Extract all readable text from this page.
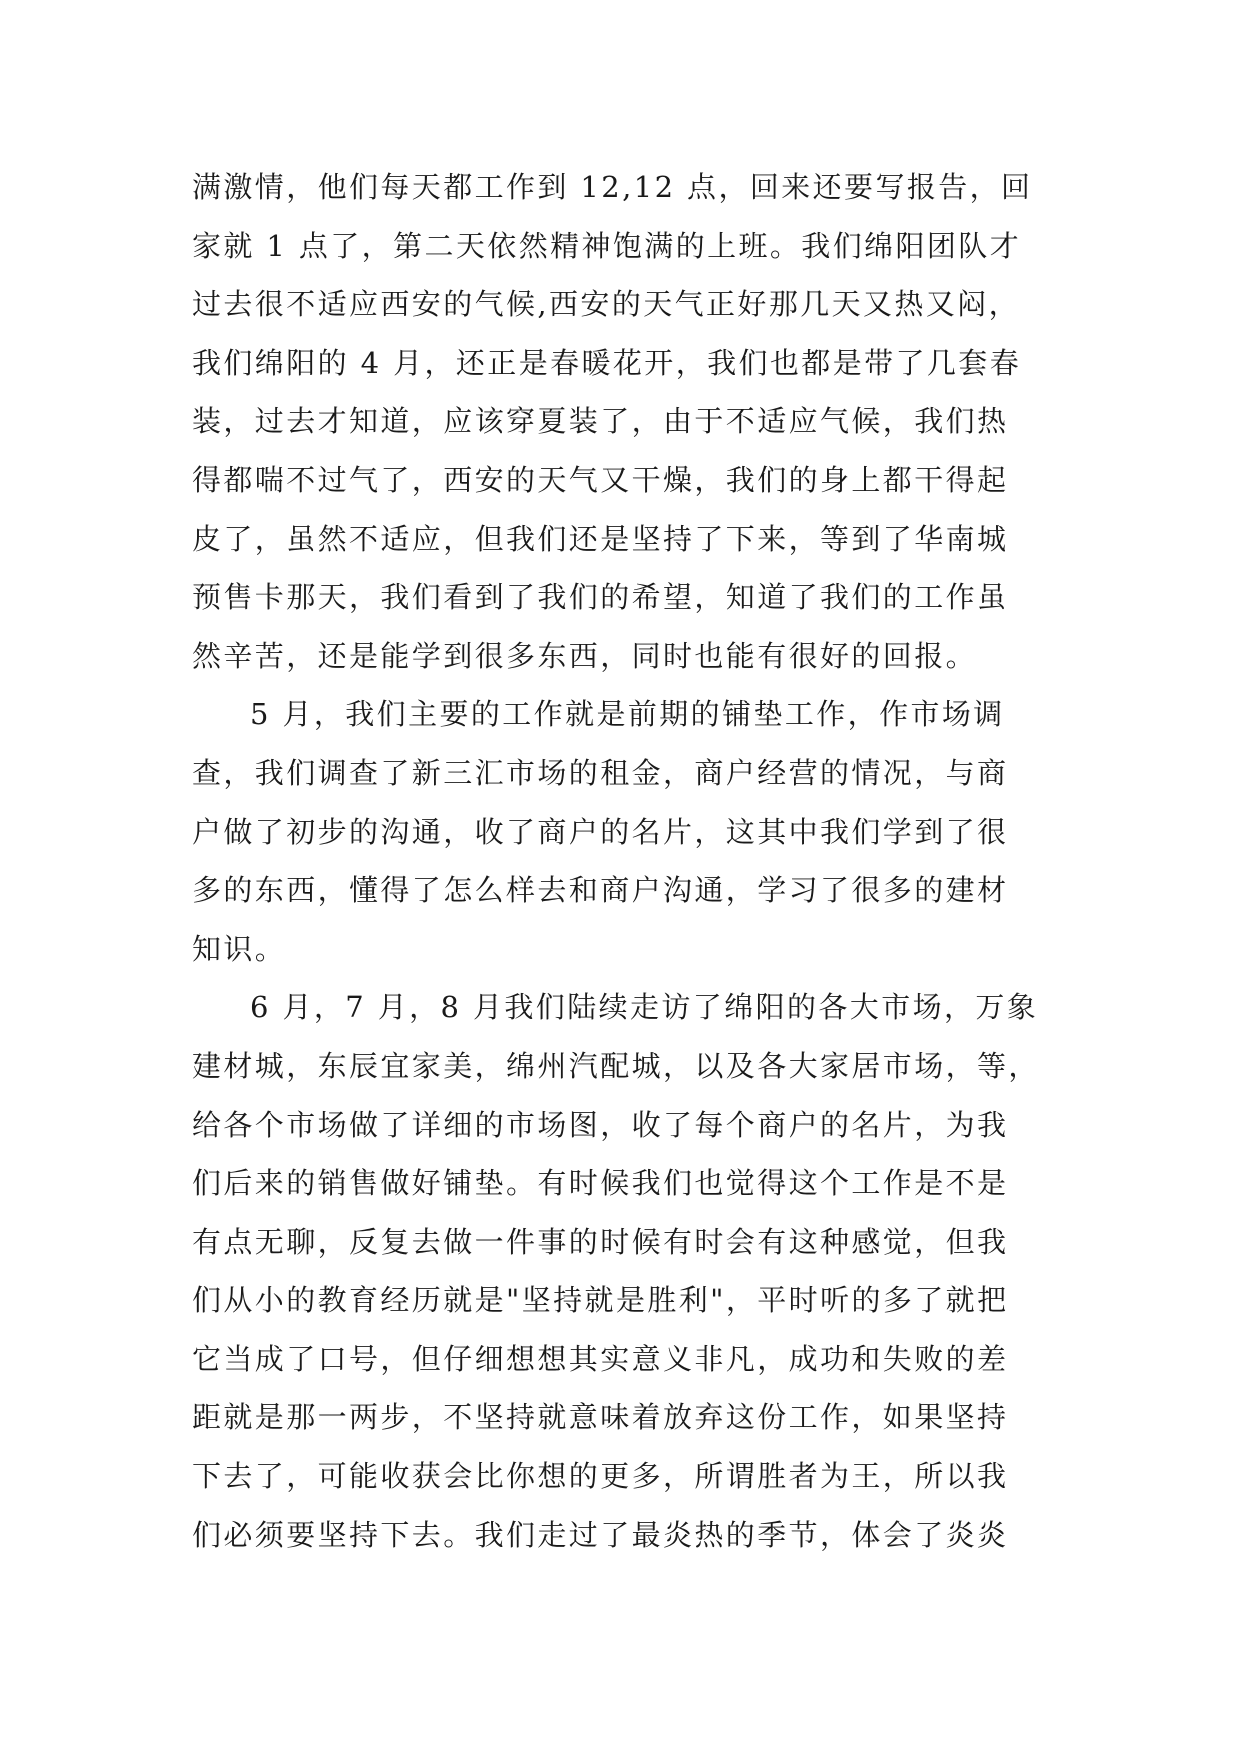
满激情，他们每天都工作到 12,12 点，回来还要写报告，回
家就 1 点了，第二天依然精神饱满的上班。我们绵阳团队才
过去很不适应西安的气候,西安的天气正好那几天又热又闷，
我们绵阳的 4 月，还正是春暖花开，我们也都是带了几套春
装，过去才知道，应该穿夏装了，由于不适应气候，我们热
得都喘不过气了，西安的天气又干燥，我们的身上都干得起
皮了，虽然不适应，但我们还是坚持了下来，等到了华南城
预售卡那天，我们看到了我们的希望，知道了我们的工作虽
然辛苦，还是能学到很多东西，同时也能有很好的回报。
5 月，我们主要的工作就是前期的铺垫工作，作市场调
查，我们调查了新三汇市场的租金，商户经营的情况，与商
户做了初步的沟通，收了商户的名片，这其中我们学到了很
多的东西，懂得了怎么样去和商户沟通，学习了很多的建材
知识。
6 月，7 月，8 月我们陆续走访了绵阳的各大市场，万象
建材城，东辰宜家美，绵州汽配城，以及各大家居市场，等，
给各个市场做了详细的市场图，收了每个商户的名片，为我
们后来的销售做好铺垫。有时候我们也觉得这个工作是不是
有点无聊，反复去做一件事的时候有时会有这种感觉，但我
们从小的教育经历就是"坚持就是胜利"，平时听的多了就把
它当成了口号，但仔细想想其实意义非凡，成功和失败的差
距就是那一两步，不坚持就意味着放弃这份工作，如果坚持
下去了，可能收获会比你想的更多，所谓胜者为王，所以我
们必须要坚持下去。我们走过了最炎热的季节，体会了炎炎
